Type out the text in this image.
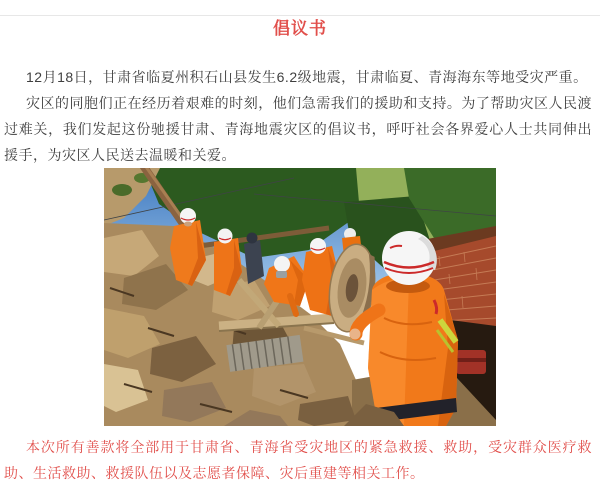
倡议书

12月18日，甘肃省临夏州积石山县发生6.2级地震，甘肃临夏、青海海东等地受灾严重。

灾区的同胞们正在经历着艰难的时刻，他们急需我们的援助和支持。为了帮助灾区人民渡过难关，我们发起这份驰援甘肃、青海地震灾区的倡议书，呼吁社会各界爱心人士共同伸出援手，为灾区人民送去温暖和关爱。

本次所有善款将全部用于甘肃省、青海省受灾地区的紧急救援、救助，受灾群众医疗救助、生活救助、救援队伍以及志愿者保障、灾后重建等相关工作。
